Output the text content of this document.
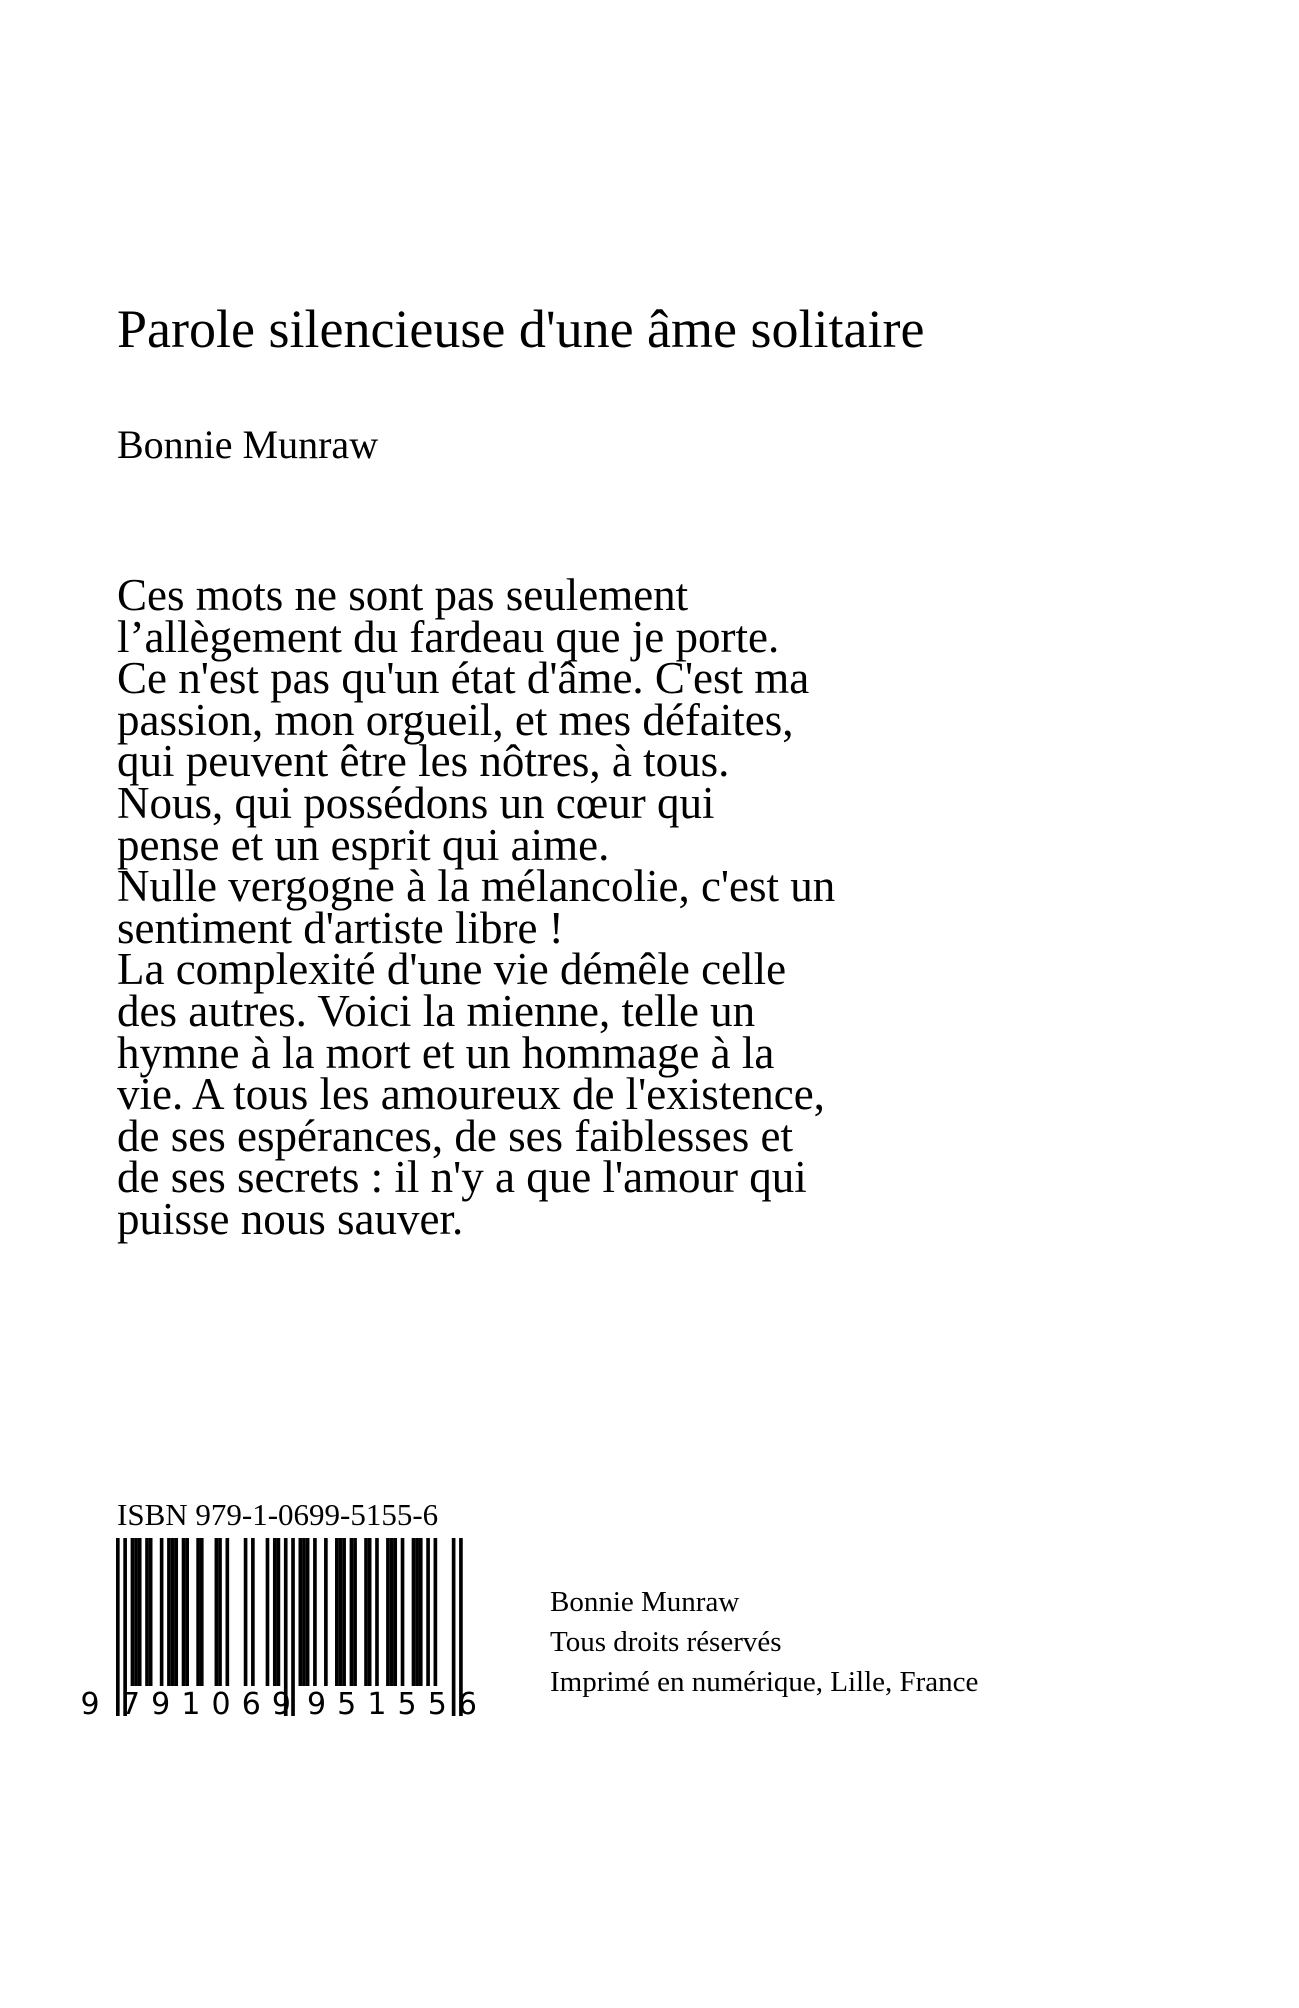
Parole silencieuse d'une âme solitaire
Bonnie Munraw
Ces mots ne sont pas seulement
l’allègement du fardeau que je porte.
Ce n'est pas qu'un état d'âme. C'est ma
passion, mon orgueil, et mes défaites,
qui peuvent être les nôtres, à tous.
Nous, qui possédons un cœur qui
pense et un esprit qui aime.
Nulle vergogne à la mélancolie, c'est un
sentiment d'artiste libre !
La complexité d'une vie démêle celle
des autres. Voici la mienne, telle un
hymne à la mort et un hommage à la
vie. A tous les amoureux de l'existence,
de ses espérances, de ses faiblesses et
de ses secrets : il n'y a que l'amour qui
puisse nous sauver.
ISBN 979-1-0699-5155-6
9 791069 951556
Bonnie Munraw
Tous droits réservés
Imprimé en numérique, Lille, France
